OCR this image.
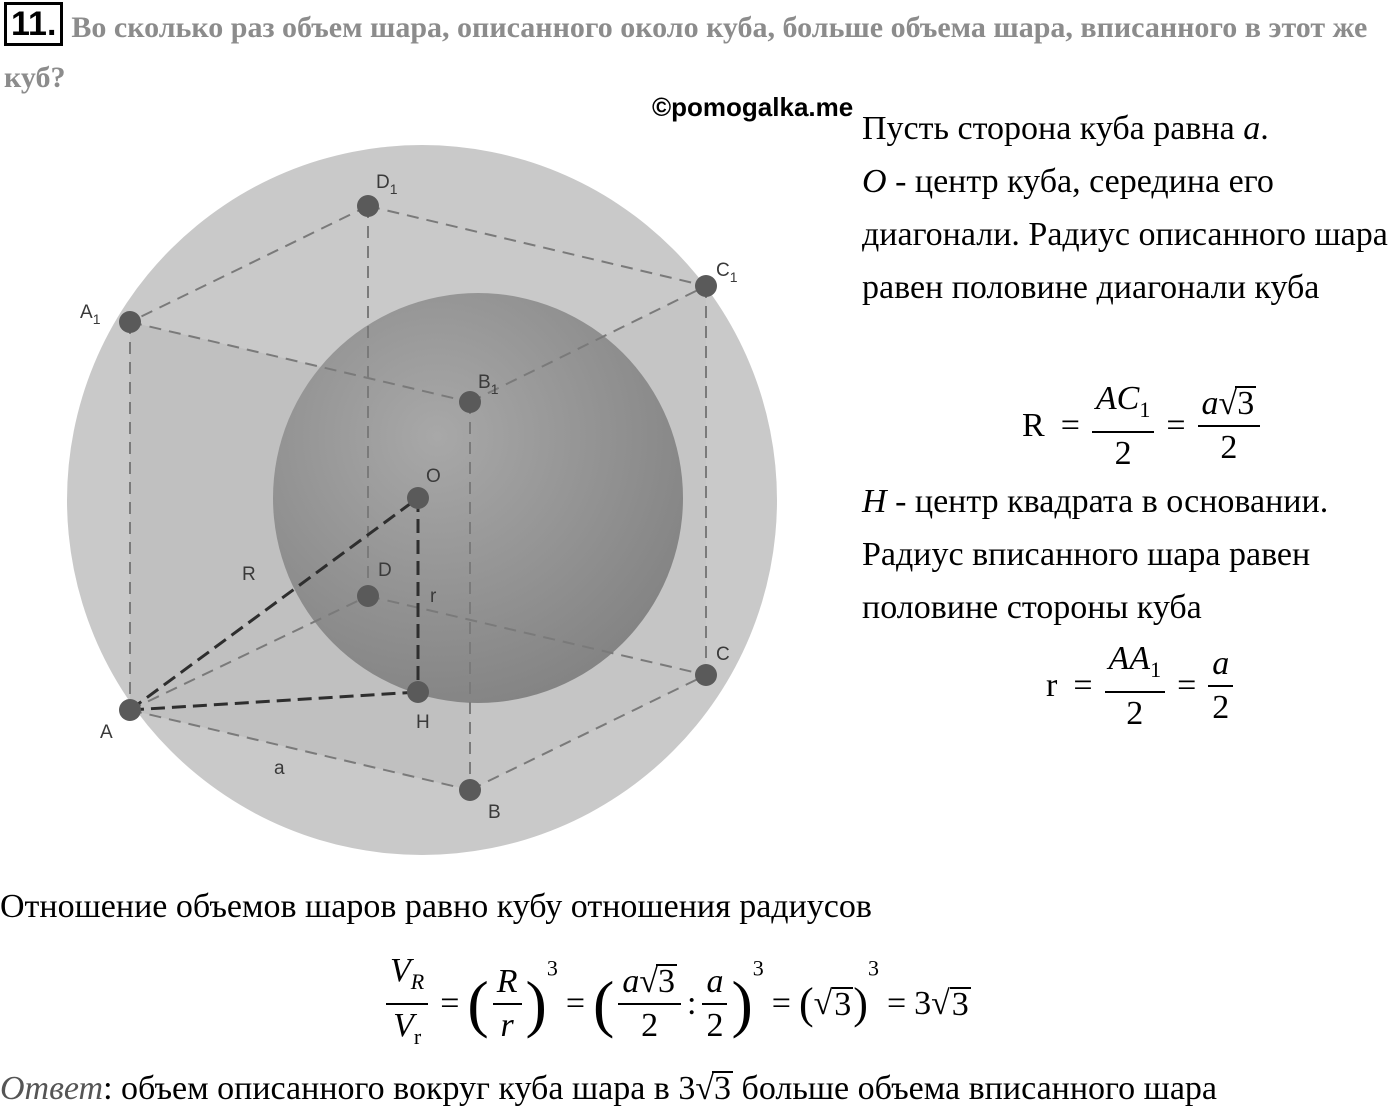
11. Во сколько раз объем шара, описанного около куба, больше объема шара, вписанного в этот же куб?
©pomogalka.me
$A_1$
$B_1$
$C_1$
$D_1$
A
B
C
D
O
H
R
r
a
Пусть сторона куба равна a.
O - центр куба, середина его диагонали. Радиус описанного шара равен половине диагонали куба
$R = \frac{AC_1}{2} = \frac{a√3}{2}$
H - центр квадрата в основании. Радиус вписанного шара равен половине стороны куба
$r = \frac{AA_1}{2} = \frac{a}{2}$
Отношение объемов шаров равно кубу отношения радиусов
$\frac{V_R}{V_r}$ = ( $\frac{R}{r} )^3=$ ( $\frac{a√3}{2}$ : $\frac{a}{2} )^3= (√3)^3= 3√3$
Ответ: объем описанного вокруг куба шара в 3√3 больше объема вписанного шара
